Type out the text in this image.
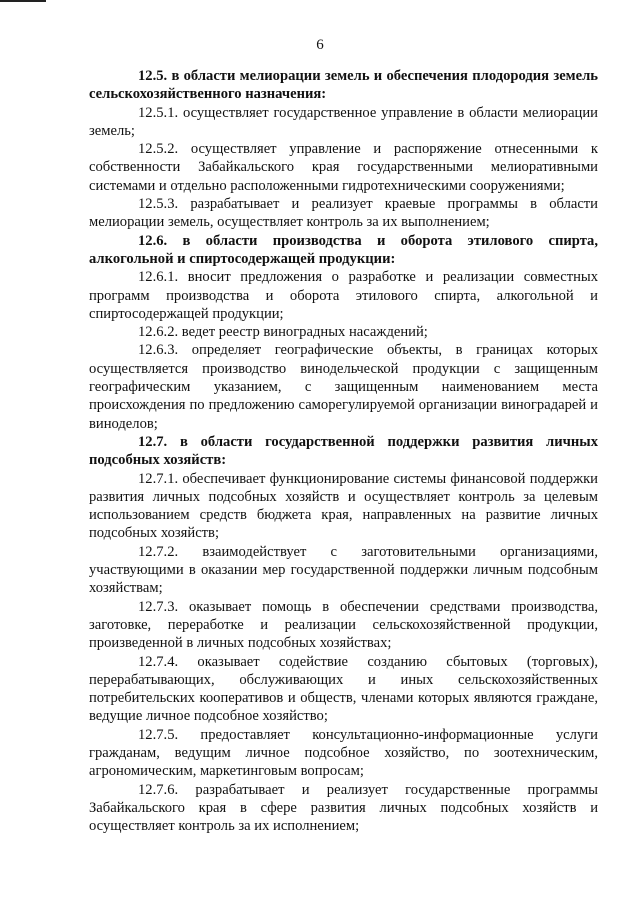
6

12.5. в области мелиорации земель и обеспечения плодородия земель сельскохозяйственного назначения:

12.5.1. осуществляет государственное управление в области мелиорации земель;

12.5.2. осуществляет управление и распоряжение отнесенными к собственности Забайкальского края государственными мелиоративными системами и отдельно расположенными гидротехническими сооружениями;

12.5.3. разрабатывает и реализует краевые программы в области мелиорации земель, осуществляет контроль за их выполнением;

12.6. в области производства и оборота этилового спирта, алкогольной и спиртосодержащей продукции:

12.6.1. вносит предложения о разработке и реализации совместных программ производства и оборота этилового спирта, алкогольной и спиртосодержащей продукции;

12.6.2. ведет реестр виноградных насаждений;

12.6.3. определяет географические объекты, в границах которых осуществляется производство винодельческой продукции с защищенным географическим указанием, с защищенным наименованием места происхождения по предложению саморегулируемой организации виноградарей и виноделов;

12.7. в области государственной поддержки развития личных подсобных хозяйств:

12.7.1. обеспечивает функционирование системы финансовой поддержки развития личных подсобных хозяйств и осуществляет контроль за целевым использованием средств бюджета края, направленных на развитие личных подсобных хозяйств;

12.7.2. взаимодействует с заготовительными организациями, участвующими в оказании мер государственной поддержки личным подсобным хозяйствам;

12.7.3. оказывает помощь в обеспечении средствами производства, заготовке, переработке и реализации сельскохозяйственной продукции, произведенной в личных подсобных хозяйствах;

12.7.4. оказывает содействие созданию сбытовых (торговых), перерабатывающих, обслуживающих и иных сельскохозяйственных потребительских кооперативов и обществ, членами которых являются граждане, ведущие личное подсобное хозяйство;

12.7.5. предоставляет консультационно-информационные услуги гражданам, ведущим личное подсобное хозяйство, по зоотехническим, агрономическим, маркетинговым вопросам;

12.7.6. разрабатывает и реализует государственные программы Забайкальского края в сфере развития личных подсобных хозяйств и осуществляет контроль за их исполнением;
